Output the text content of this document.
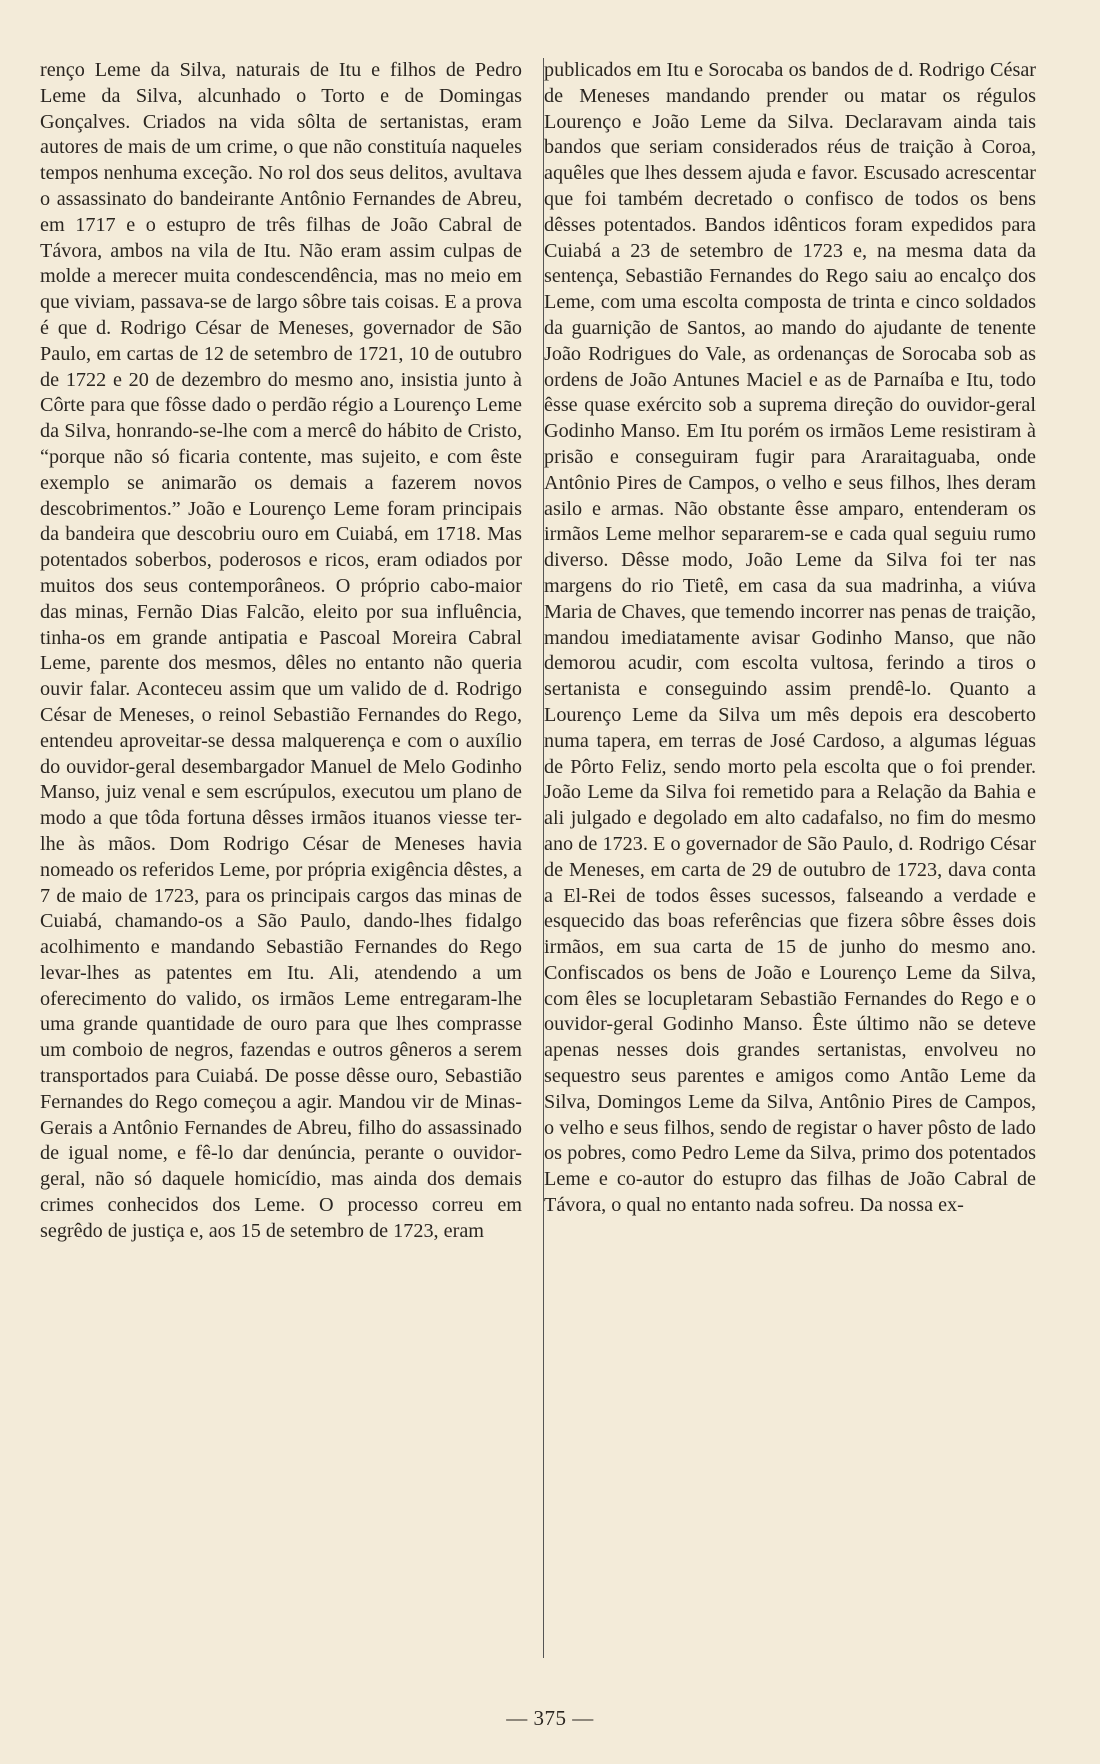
renço Leme da Silva, naturais de Itu e filhos de Pedro Leme da Silva, alcunhado o Torto e de Domingas Gonçalves. Criados na vida sôlta de sertanistas, eram autores de mais de um crime, o que não constituía naqueles tempos nenhuma exceção. No rol dos seus delitos, avultava o assassinato do bandeirante Antônio Fernandes de Abreu, em 1717 e o estupro de três filhas de João Cabral de Távora, ambos na vila de Itu. Não eram assim culpas de molde a merecer muita condescendência, mas no meio em que viviam, passava-se de largo sôbre tais coisas. E a prova é que d. Rodrigo César de Meneses, governador de São Paulo, em cartas de 12 de setembro de 1721, 10 de outubro de 1722 e 20 de dezembro do mesmo ano, insistia junto à Côrte para que fôsse dado o perdão régio a Lourenço Leme da Silva, honrando-se-lhe com a mercê do hábito de Cristo, “porque não só ficaria contente, mas sujeito, e com êste exemplo se animarão os demais a fazerem novos descobrimentos.” João e Lourenço Leme foram principais da bandeira que descobriu ouro em Cuiabá, em 1718. Mas potentados soberbos, poderosos e ricos, eram odiados por muitos dos seus contemporâneos. O próprio cabo-maior das minas, Fernão Dias Falcão, eleito por sua influência, tinha-os em grande antipatia e Pascoal Moreira Cabral Leme, parente dos mesmos, dêles no entanto não queria ouvir falar. Aconteceu assim que um valido de d. Rodrigo César de Meneses, o reinol Sebastião Fernandes do Rego, entendeu aproveitar-se dessa malquerença e com o auxílio do ouvidor-geral desembargador Manuel de Melo Godinho Manso, juiz venal e sem escrúpulos, executou um plano de modo a que tôda fortuna dêsses irmãos ituanos viesse ter-lhe às mãos. Dom Rodrigo César de Meneses havia nomeado os referidos Leme, por própria exigência dêstes, a 7 de maio de 1723, para os principais cargos das minas de Cuiabá, chamando-os a São Paulo, dando-lhes fidalgo acolhimento e mandando Sebastião Fernandes do Rego levar-lhes as patentes em Itu. Ali, atendendo a um oferecimento do valido, os irmãos Leme entregaram-lhe uma grande quantidade de ouro para que lhes comprasse um comboio de negros, fazendas e outros gêneros a serem transportados para Cuiabá. De posse dêsse ouro, Sebastião Fernandes do Rego começou a agir. Mandou vir de Minas-Gerais a Antônio Fernandes de Abreu, filho do assassinado de igual nome, e fê-lo dar denúncia, perante o ouvidor-geral, não só daquele homicídio, mas ainda dos demais crimes conhecidos dos Leme. O processo correu em segrêdo de justiça e, aos 15 de setembro de 1723, eram

publicados em Itu e Sorocaba os bandos de d. Rodrigo César de Meneses mandando prender ou matar os régulos Lourenço e João Leme da Silva. Declaravam ainda tais bandos que seriam considerados réus de traição à Coroa, aquêles que lhes dessem ajuda e favor. Escusado acrescentar que foi também decretado o confisco de todos os bens dêsses potentados. Bandos idênticos foram expedidos para Cuiabá a 23 de setembro de 1723 e, na mesma data da sentença, Sebastião Fernandes do Rego saiu ao encalço dos Leme, com uma escolta composta de trinta e cinco soldados da guarnição de Santos, ao mando do ajudante de tenente João Rodrigues do Vale, as ordenanças de Sorocaba sob as ordens de João Antunes Maciel e as de Parnaíba e Itu, todo êsse quase exército sob a suprema direção do ouvidor-geral Godinho Manso. Em Itu porém os irmãos Leme resistiram à prisão e conseguiram fugir para Araraitaguaba, onde Antônio Pires de Campos, o velho e seus filhos, lhes deram asilo e armas. Não obstante êsse amparo, entenderam os irmãos Leme melhor separarem-se e cada qual seguiu rumo diverso. Dêsse modo, João Leme da Silva foi ter nas margens do rio Tietê, em casa da sua madrinha, a viúva Maria de Chaves, que temendo incorrer nas penas de traição, mandou imediatamente avisar Godinho Manso, que não demorou acudir, com escolta vultosa, ferindo a tiros o sertanista e conseguindo assim prendê-lo. Quanto a Lourenço Leme da Silva um mês depois era descoberto numa tapera, em terras de José Cardoso, a algumas léguas de Pôrto Feliz, sendo morto pela escolta que o foi prender. João Leme da Silva foi remetido para a Relação da Bahia e ali julgado e degolado em alto cadafalso, no fim do mesmo ano de 1723. E o governador de São Paulo, d. Rodrigo César de Meneses, em carta de 29 de outubro de 1723, dava conta a El-Rei de todos êsses sucessos, falseando a verdade e esquecido das boas referências que fizera sôbre êsses dois irmãos, em sua carta de 15 de junho do mesmo ano. Confiscados os bens de João e Lourenço Leme da Silva, com êles se locupletaram Sebastião Fernandes do Rego e o ouvidor-geral Godinho Manso. Êste último não se deteve apenas nesses dois grandes sertanistas, envolveu no sequestro seus parentes e amigos como Antão Leme da Silva, Domingos Leme da Silva, Antônio Pires de Campos, o velho e seus filhos, sendo de registar o haver pôsto de lado os pobres, como Pedro Leme da Silva, primo dos potentados Leme e co-autor do estupro das filhas de João Cabral de Távora, o qual no entanto nada sofreu. Da nossa ex-

— 375 —
